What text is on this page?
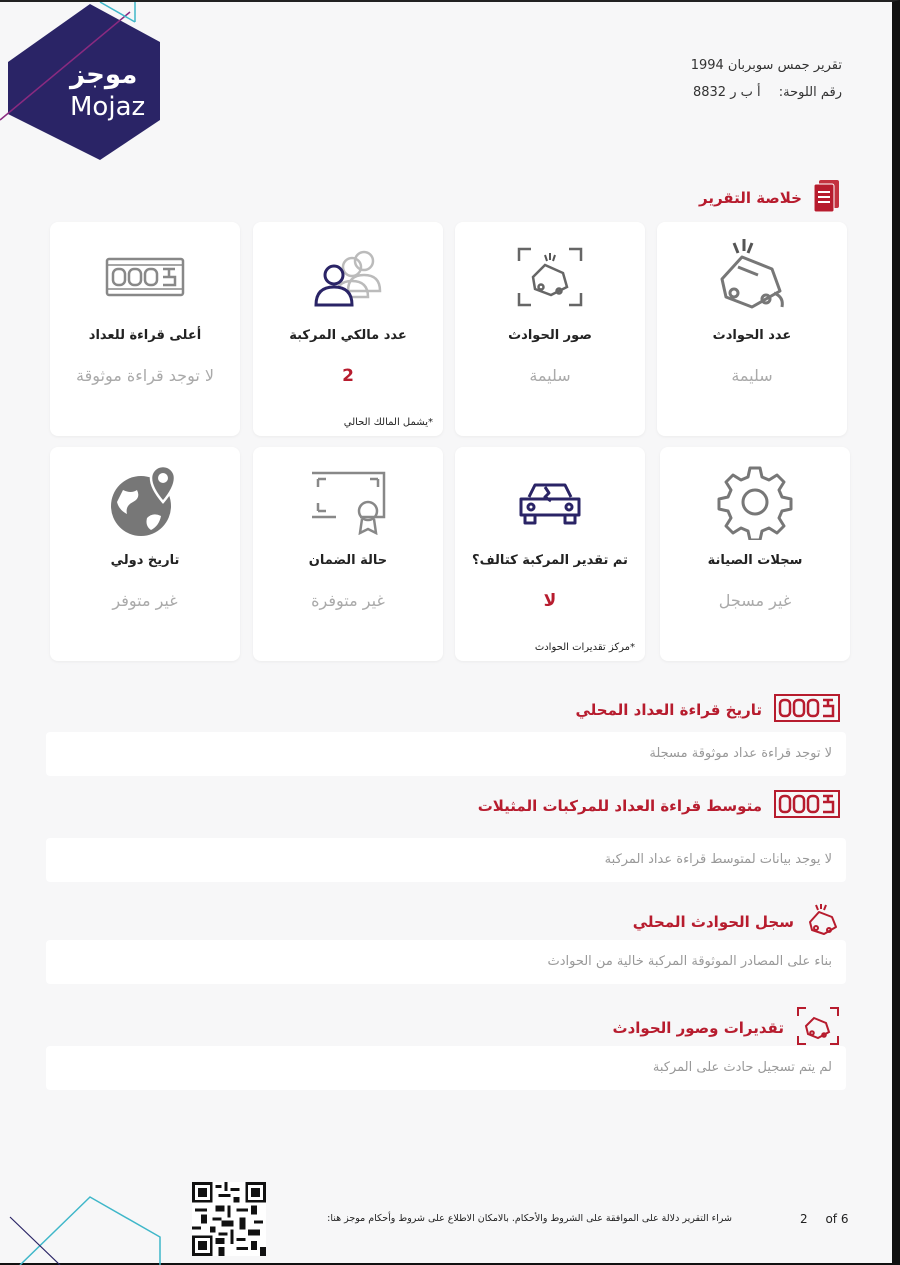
موجز
Mojaz
تقرير جمس سوبربان 1994
رقم اللوحة: أ ب ر 8832
خلاصة التقرير
عدد الحوادث
سليمة
صور الحوادث
سليمة
عدد مالكي المركبة
2
*يشمل المالك الحالي
أعلى قراءة للعداد
لا توجد قراءة موثوقة
سجلات الصيانة
غير مسجل
تم تقدير المركبة كتالف؟
لا
*مركز تقديرات الحوادث
حالة الضمان
غير متوفرة
تاريخ دولي
غير متوفر
تاريخ قراءة العداد المحلي
لا توجد قراءة عداد موثوقة مسجلة
متوسط قراءة العداد للمركبات المثيلات
لا يوجد بيانات لمتوسط قراءة عداد المركبة
سجل الحوادث المحلي
بناء على المصادر الموثوقة المركبة خالية من الحوادث
تقديرات وصور الحوادث
لم يتم تسجيل حادث على المركبة
شراء التقرير دلالة على الموافقة على الشروط والأحكام. بالامكان الاطلاع على شروط وأحكام موجز هنا:	2 of 6
